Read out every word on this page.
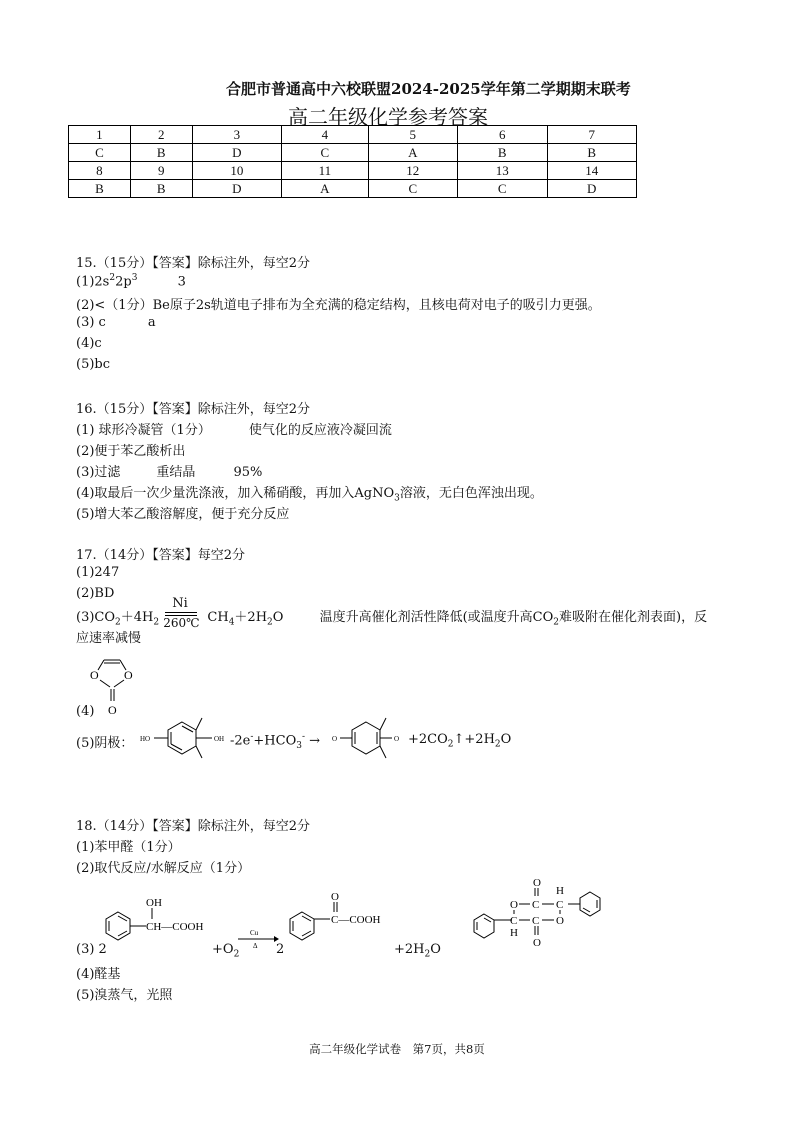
合肥市普通高中六校联盟2024-2025学年第二学期期末联考
高二年级化学参考答案
1	2	3	4	5	6	7
C	B	D	C	A	B	B
8	9	10	11	12	13	14
B	B	D	A	C	C	D
15.（15分）【答案】除标注外，每空2分
$(1)2s^22p^3$	3
(2)<（1分）Be原子2s轨道电子排布为全充满的稳定结构，且核电荷对电子的吸引力更强。
(3) c	a
(4)c
(5)bc
16.（15分）【答案】除标注外，每空2分
(1) 球形冷凝管（1分）	使气化的反应液冷凝回流
(2)便于苯乙酸析出
(3)过滤	重结晶	95%
(4)取最后一次少量洗涤液，加入稀硝酸，再加入AgNO$_3$溶液，无白色浑浊出现。
(5)增大苯乙酸溶解度，便于充分反应
17.（14分）【答案】每空2分
(1)247
(2)BD
$(3)CO_2+4H_2 \frac{Ni}{260℃} CH_4+2H_2O$	温度升高催化剂活性降低(或温度升高$CO_2$难吸附在催化剂表面)，反
应速率减慢
O O
O
(4)
(5)阴极： HO	OH $-2e^-+HCO_3^- \to O$	$O +2CO_2↑+2H_2O$
18.（14分）【答案】除标注外，每空2分
(1)苯甲醛（1分）
(2)取代反应/水解反应（1分）
OH
CH—COOH	Cu
Δ
O
C—COOH
(3) 2	$+O_2$	2	$+2H_2O$
O C C
C C O
O
O
H
H
(4)醛基
(5)溴蒸气，光照
高二年级化学试卷　第7页，共8页
